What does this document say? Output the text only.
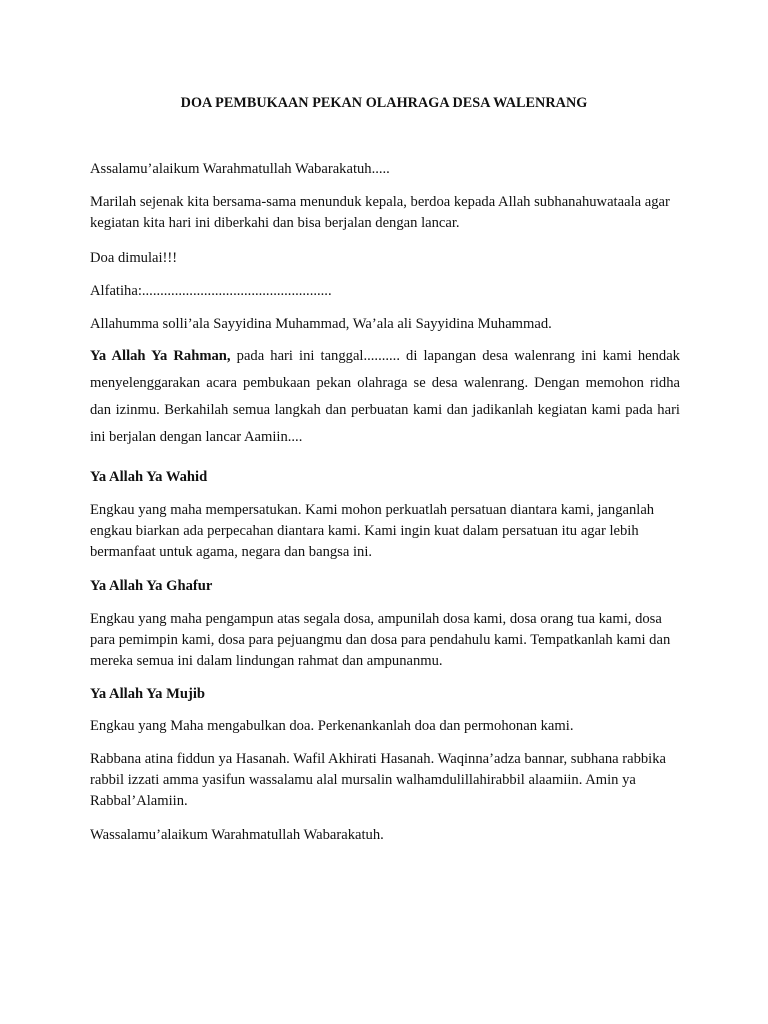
DOA PEMBUKAAN PEKAN OLAHRAGA DESA WALENRANG

Assalamu’alaikum Warahmatullah Wabarakatuh.....

Marilah sejenak kita bersama-sama menunduk kepala, berdoa kepada Allah subhanahuwataala agar kegiatan kita hari ini diberkahi dan bisa berjalan dengan lancar.

Doa dimulai!!!

Alfatiha:....................................................

Allahumma solli’ala Sayyidina Muhammad, Wa’ala ali Sayyidina Muhammad.

Ya Allah Ya Rahman, pada hari ini tanggal.......... di lapangan desa walenrang ini kami hendak menyelenggarakan acara pembukaan pekan olahraga se desa walenrang. Dengan memohon ridha dan izinmu. Berkahilah semua langkah dan perbuatan kami dan jadikanlah kegiatan kami pada hari ini berjalan dengan lancar Aamiin....

Ya Allah Ya Wahid

Engkau yang maha mempersatukan. Kami mohon perkuatlah persatuan diantara kami, janganlah engkau biarkan ada perpecahan diantara kami. Kami ingin kuat dalam persatuan itu agar lebih bermanfaat untuk agama, negara dan bangsa ini.

Ya Allah Ya Ghafur

Engkau yang maha pengampun atas segala dosa, ampunilah dosa kami, dosa orang tua kami, dosa para pemimpin kami, dosa para pejuangmu dan dosa para pendahulu kami. Tempatkanlah kami dan mereka semua ini dalam lindungan rahmat dan ampunanmu.

Ya Allah Ya Mujib

Engkau yang Maha mengabulkan doa. Perkenankanlah doa dan permohonan kami.

Rabbana atina fiddun ya Hasanah. Wafil Akhirati Hasanah. Waqinna’adza bannar, subhana rabbika rabbil izzati amma yasifun wassalamu alal mursalin walhamdulillahirabbil alaamiin. Amin ya Rabbal’Alamiin.

Wassalamu’alaikum Warahmatullah Wabarakatuh.
